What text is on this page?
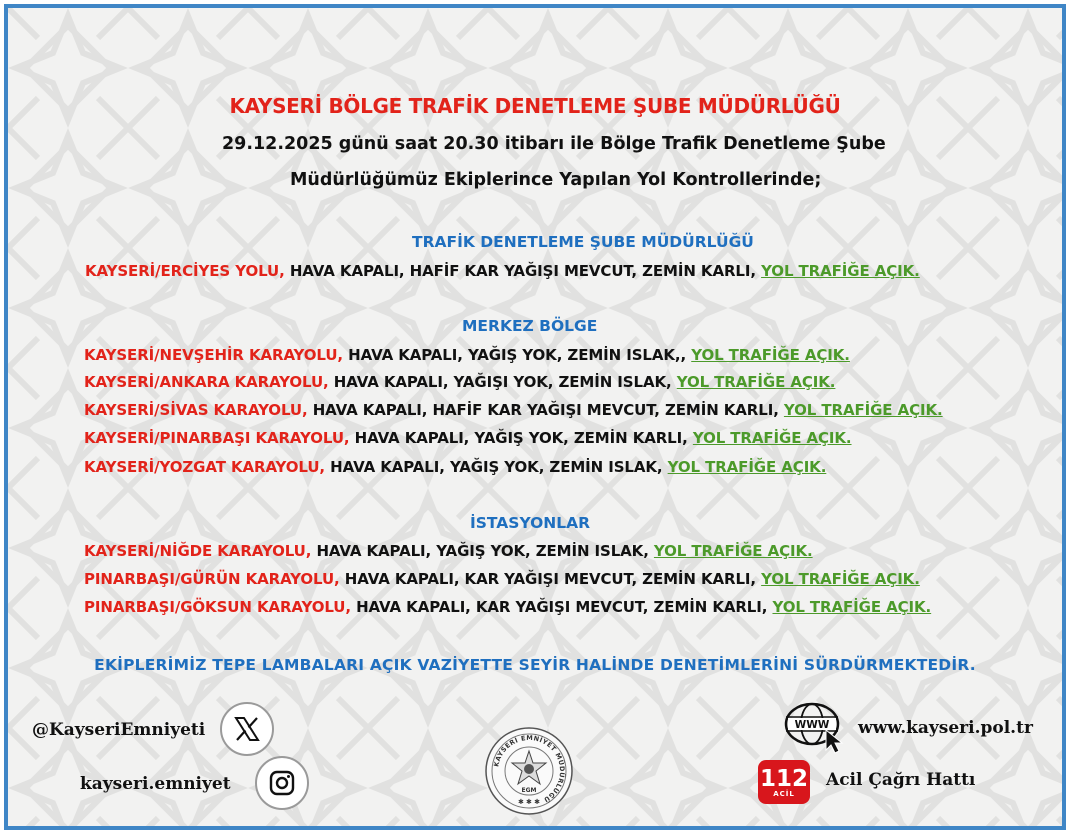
KAYSERİ BÖLGE TRAFİK DENETLEME ŞUBE MÜDÜRLÜĞÜ
29.12.2025 günü saat 20.30 itibarı ile Bölge Trafik Denetleme Şube
Müdürlüğümüz Ekiplerince Yapılan Yol Kontrollerinde;
TRAFİK DENETLEME ŞUBE MÜDÜRLÜĞÜ
KAYSERİ/ERCİYES YOLU, HAVA KAPALI, HAFİF KAR YAĞIŞI MEVCUT, ZEMİN KARLI, YOL TRAFİĞE AÇIK.
MERKEZ BÖLGE
KAYSERİ/NEVŞEHİR KARAYOLU, HAVA KAPALI, YAĞIŞ YOK, ZEMİN ISLAK,, YOL TRAFİĞE AÇIK.
KAYSERİ/ANKARA KARAYOLU, HAVA KAPALI, YAĞIŞI YOK, ZEMİN ISLAK, YOL TRAFİĞE AÇIK.
KAYSERİ/SİVAS KARAYOLU, HAVA KAPALI, HAFİF KAR YAĞIŞI MEVCUT, ZEMİN KARLI, YOL TRAFİĞE AÇIK.
KAYSERİ/PINARBAŞI KARAYOLU, HAVA KAPALI, YAĞIŞ YOK, ZEMİN KARLI, YOL TRAFİĞE AÇIK.
KAYSERİ/YOZGAT KARAYOLU, HAVA KAPALI, YAĞIŞ YOK, ZEMİN ISLAK, YOL TRAFİĞE AÇIK.
İSTASYONLAR
KAYSERİ/NİĞDE KARAYOLU, HAVA KAPALI, YAĞIŞ YOK, ZEMİN ISLAK, YOL TRAFİĞE AÇIK.
PINARBAŞI/GÜRÜN KARAYOLU, HAVA KAPALI, KAR YAĞIŞI MEVCUT, ZEMİN KARLI, YOL TRAFİĞE AÇIK.
PINARBAŞI/GÖKSUN KARAYOLU, HAVA KAPALI, KAR YAĞIŞI MEVCUT, ZEMİN KARLI, YOL TRAFİĞE AÇIK.
EKİPLERİMİZ TEPE LAMBALARI AÇIK VAZİYETTE SEYİR HALİNDE DENETİMLERİNİ SÜRDÜRMEKTEDİR.
@KayseriEmniyeti
kayseri.emniyet
KAYSERİ EMNİYET MÜDÜRLÜĞÜ
EGM
✱ ✱ ✱
WWW www.kayseri.pol.tr
112
ACİL
Acil Çağrı Hattı
